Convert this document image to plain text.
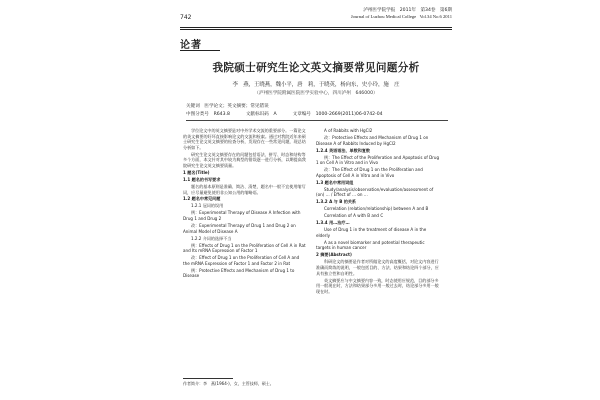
742
泸州医学院学报 2011年 第34卷 第6期
Journal of Luzhou Medical College Vol.34 No.6 2011
论著
我院硕士研究生论文英文摘要常见问题分析
李　燕，王晓燕，魏小平，唐　莉，于晓英，杨向东，史小玲，施　庄
（泸州医学院附属医院医学实验中心，四川泸州　646000）
关键词　医学论文；英文摘要；常见错误
中图分类号　R643.8	文献标识码　A	文章编号　1000-2669(2011)06-0742-04

学位论文中的英文摘要是对中外学术交流的重要部分。一篇论文的英文摘要的好坏直接影响论文的交流和检索。通过对我院近年来硕士研究生论文英文摘要的检查分析，发现存在一些常见问题，现总结分析如下。

研究生论文英文摘要存在的问题包括语法、拼写、时态和结构等多个方面，本文针对其中较为典型的错误逐一进行分析，以期提高我院研究生论文英文摘要质量。

1 题名(Title)

1.1 题名的书写要求

题名的基本原则是准确、简洁、清楚，题名中一般不宜使用缩写词，应尽量避免使用非公知公用的缩略语。

1.2 题名中常见问题

1.2.1 冠词的误用

例：Experimental Therapy of Disease A Infection with Drug 1 and Drug 2

改：Experimental Therapy of Drug 1 and Drug 2 on Animal Model of Disease A

1.2.2 介词的选择不当

例：Effects of Drug 1 on the Proliferation of Cell A in Rat and Its mRNA Expression of Factor 1

改：Effect of Drug 1 on the Proliferation of Cell A and the mRNA Expression of Factor 1 and Factor 2 in Rat

例：Protective Effects and Mechanism of Drug 1 to Disease

A of Rabbits with HgCl2

改：Protective Effects and Mechanism of Drug 1 on Disease A of Rabbits Induced by HgCl2

1.2.4 英语语法、单数和复数

例：The Effect of the Proliferation and Apoptosis of Drug 1 on Cell A in Vitro and in Vivo

改：The Effect of Drug 1 on the Proliferation and Apoptosis of Cell A in Vitro and in Vivo

1.3 题名中常用词组

Study/analysis/observation/evaluation/assessment of (on) … / Effect of … on …

1.3.2 A 与 B 的关系

Correlation (relation/relationship) between A and B

Correlation of A with B and C

1.3.4 用…治疗…

Use of Drug 1 in the treatment of disease A in the elderly

A as a novel biomarker and potential therapeutic targets in human cancer

2 摘要(Abstract)

科研论文的摘要是作者对所做论文的高度概括，对论文内容进行准确而简练的说明，一般包括目的、方法、结果和结论四个部分，应具有独立性和自明性。

英文摘要应与中文摘要内容一致，时态使用应规范，目的部分多用一般现在时，方法和结果部分多用一般过去时，结论部分多用一般现在时。

作者简介：李　燕(1964-)，女，主管技师，硕士。
